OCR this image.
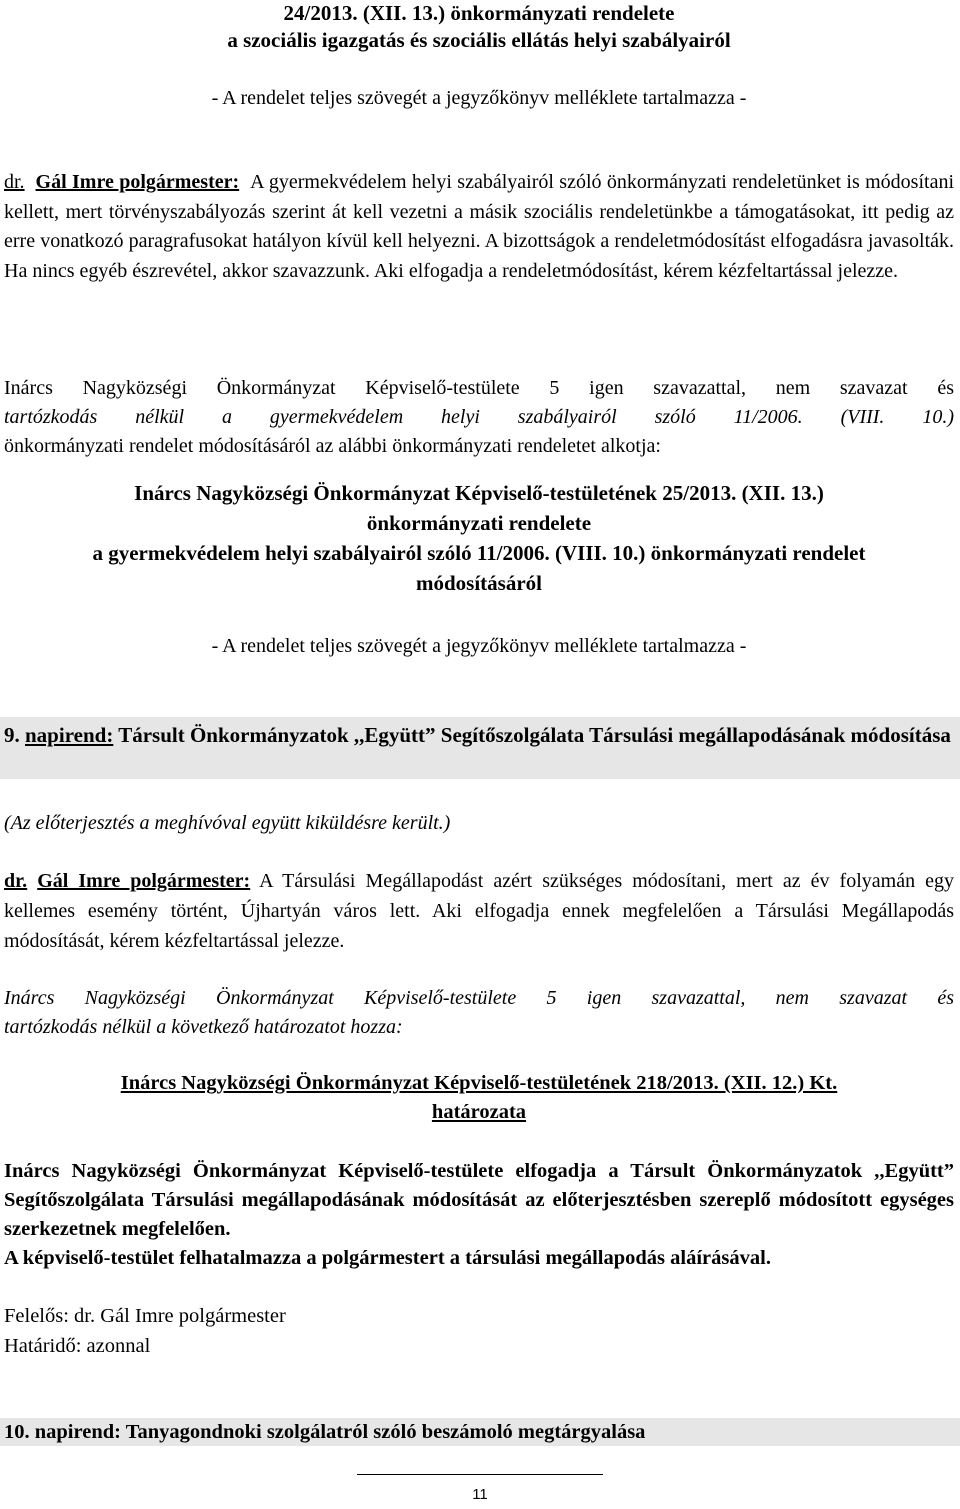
24/2013. (XII. 13.) önkormányzati rendelete
a szociális igazgatás és szociális ellátás helyi szabályairól
- A rendelet teljes szövegét a jegyzőkönyv melléklete tartalmazza -
dr. Gál Imre polgármester: A gyermekvédelem helyi szabályairól szóló önkormányzati rendeletünket is módosítani kellett, mert törvényszabályozás szerint át kell vezetni a másik szociális rendeletünkbe a támogatásokat, itt pedig az erre vonatkozó paragrafusokat hatályon kívül kell helyezni. A bizottságok a rendeletmódosítást elfogadásra javasolták. Ha nincs egyéb észrevétel, akkor szavazzunk. Aki elfogadja a rendeletmódosítást, kérem kézfeltartással jelezze.
Inárcs Nagyközségi Önkormányzat Képviselő-testülete 5 igen szavazattal, nem szavazat és
tartózkodás nélkül a gyermekvédelem helyi szabályairól szóló 11/2006. (VIII. 10.)
önkormányzati rendelet módosításáról az alábbi önkormányzati rendeletet alkotja:
Inárcs Nagyközségi Önkormányzat Képviselő-testületének 25/2013. (XII. 13.)
önkormányzati rendelete
a gyermekvédelem helyi szabályairól szóló 11/2006. (VIII. 10.) önkormányzati rendelet
módosításáról
- A rendelet teljes szövegét a jegyzőkönyv melléklete tartalmazza -
9. napirend: Társult Önkormányzatok ,,Együtt” Segítőszolgálata Társulási megállapodásának módosítása
(Az előterjesztés a meghívóval együtt kiküldésre került.)
dr. Gál Imre polgármester: A Társulási Megállapodást azért szükséges módosítani, mert az év folyamán egy kellemes esemény történt, Újhartyán város lett. Aki elfogadja ennek megfelelően a Társulási Megállapodás módosítását, kérem kézfeltartással jelezze.
Inárcs Nagyközségi Önkormányzat Képviselő-testülete 5 igen szavazattal, nem szavazat és
tartózkodás nélkül a következő határozatot hozza:
Inárcs Nagyközségi Önkormányzat Képviselő-testületének 218/2013. (XII. 12.) Kt.
határozata
Inárcs Nagyközségi Önkormányzat Képviselő-testülete elfogadja a Társult Önkormányzatok ,,Együtt” Segítőszolgálata Társulási megállapodásának módosítását az előterjesztésben szereplő módosított egységes szerkezetnek megfelelően.
A képviselő-testület felhatalmazza a polgármestert a társulási megállapodás aláírásával.
Felelős: dr. Gál Imre polgármester
Határidő: azonnal
10. napirend: Tanyagondnoki szolgálatról szóló beszámoló megtárgyalása
11
